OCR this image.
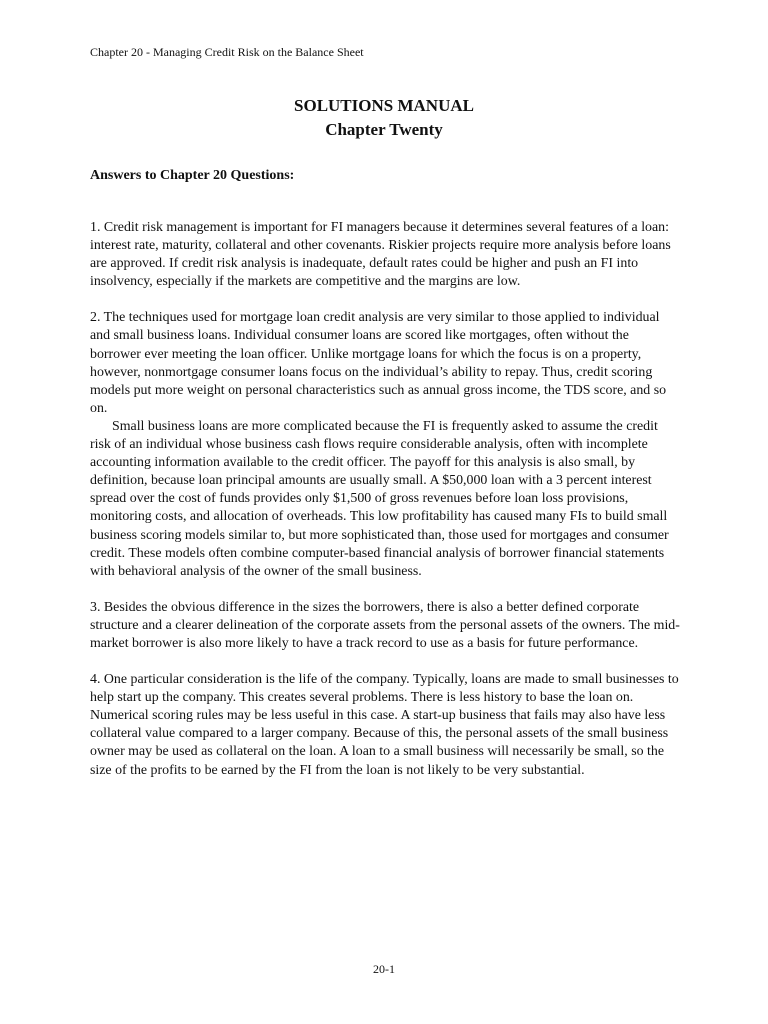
Chapter 20 - Managing Credit Risk on the Balance Sheet
SOLUTIONS MANUAL
Chapter Twenty
Answers to Chapter 20 Questions:

1. Credit risk management is important for FI managers because it determines several features of a loan: interest rate, maturity, collateral and other covenants. Riskier projects require more analysis before loans are approved. If credit risk analysis is inadequate, default rates could be higher and push an FI into insolvency, especially if the markets are competitive and the margins are low.

2. The techniques used for mortgage loan credit analysis are very similar to those applied to individual and small business loans. Individual consumer loans are scored like mortgages, often without the borrower ever meeting the loan officer. Unlike mortgage loans for which the focus is on a property, however, nonmortgage consumer loans focus on the individual’s ability to repay. Thus, credit scoring models put more weight on personal characteristics such as annual gross income, the TDS score, and so on.

Small business loans are more complicated because the FI is frequently asked to assume the credit risk of an individual whose business cash flows require considerable analysis, often with incomplete accounting information available to the credit officer. The payoff for this analysis is also small, by definition, because loan principal amounts are usually small. A $50,000 loan with a 3 percent interest spread over the cost of funds provides only $1,500 of gross revenues before loan loss provisions, monitoring costs, and allocation of overheads. This low profitability has caused many FIs to build small business scoring models similar to, but more sophisticated than, those used for mortgages and consumer credit. These models often combine computer-based financial analysis of borrower financial statements with behavioral analysis of the owner of the small business.

3. Besides the obvious difference in the sizes the borrowers, there is also a better defined corporate structure and a clearer delineation of the corporate assets from the personal assets of the owners. The mid-market borrower is also more likely to have a track record to use as a basis for future performance.

4. One particular consideration is the life of the company. Typically, loans are made to small businesses to help start up the company. This creates several problems. There is less history to base the loan on. Numerical scoring rules may be less useful in this case. A start-up business that fails may also have less collateral value compared to a larger company. Because of this, the personal assets of the small business owner may be used as collateral on the loan. A loan to a small business will necessarily be small, so the size of the profits to be earned by the FI from the loan is not likely to be very substantial.

20-1
